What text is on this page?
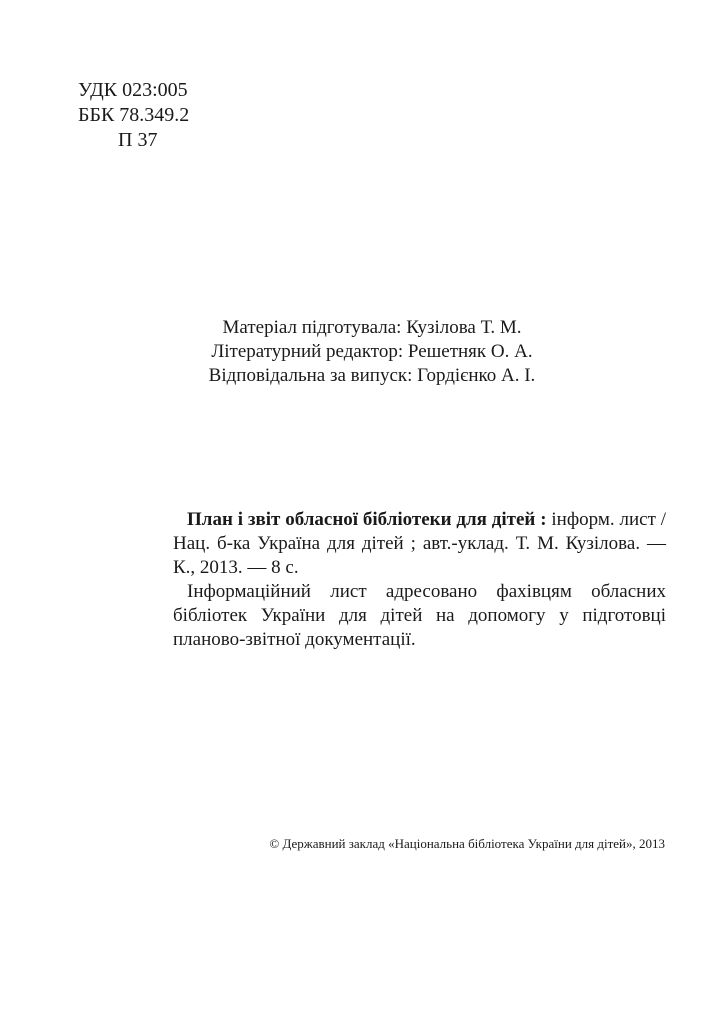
УДК 023:005
ББК 78.349.2
П 37
Матеріал підготувала: Кузілова Т. М.
Літературний редактор: Решетняк О. А.
Відповідальна за випуск: Гордієнко А. І.

План і звіт обласної бібліотеки для дітей : інформ. лист /Нац. б-ка Україна для дітей ; авт.-уклад. Т. М. Кузілова. — К., 2013. — 8 с.

Інформаційний лист адресовано фахівцям обласних бібліотек України для дітей на допомогу у підготовці планово-звітної документації.

© Державний заклад «Національна бібліотека України для дітей», 2013
